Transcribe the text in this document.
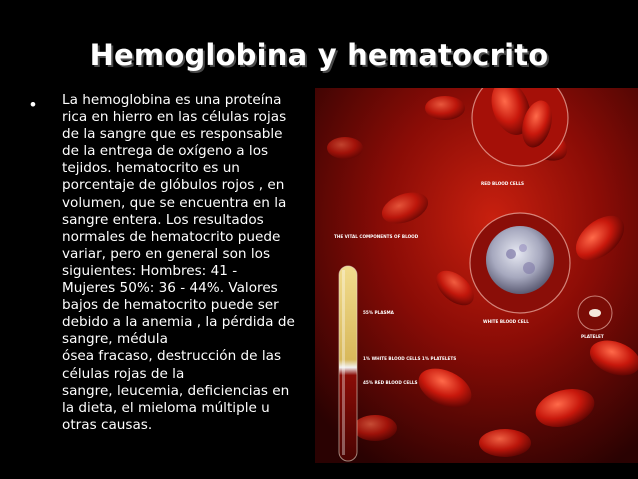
Hemoglobina y hematocrito
• La hemoglobina es una proteína
rica en hierro en las células rojas
de la sangre que es responsable
de la entrega de oxígeno a los
tejidos. hematocrito es un
porcentaje de glóbulos rojos , en
volumen, que se encuentra en la
sangre entera. Los resultados
normales de hematocrito puede
variar, pero en general son los
siguientes: Hombres: 41 -
Mujeres 50%: 36 - 44%. Valores
bajos de hematocrito puede ser
debido a la anemia , la pérdida de
sangre, médula
ósea fracaso, destrucción de las
células rojas de la
sangre, leucemia, deficiencias en
la dieta, el mieloma múltiple u
otras causas.

THE VITAL COMPONENTS OF BLOOD
55% PLASMA
1% WHITE BLOOD CELLS 1% PLATELETS
45% RED BLOOD CELLS
RED BLOOD CELLS
WHITE BLOOD CELL
PLATELET
